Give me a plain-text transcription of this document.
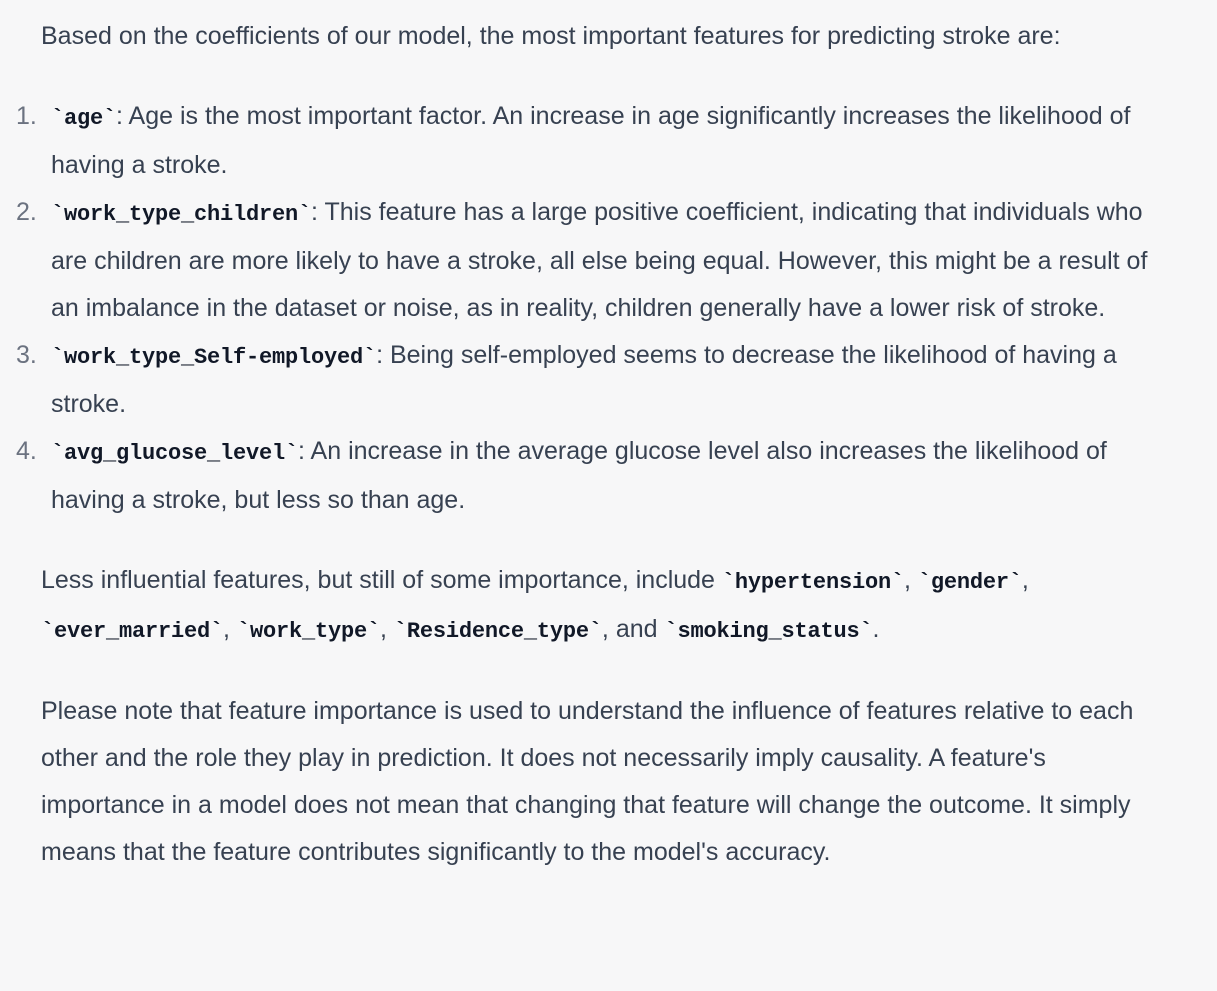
Based on the coefficients of our model, the most important features for predicting stroke are:

1. `age`: Age is the most important factor. An increase in age significantly increases the likelihood of having a stroke.
2. `work_type_children`: This feature has a large positive coefficient, indicating that individuals who are children are more likely to have a stroke, all else being equal. However, this might be a result of an imbalance in the dataset or noise, as in reality, children generally have a lower risk of stroke.
3. `work_type_Self-employed`: Being self-employed seems to decrease the likelihood of having a stroke.
4. `avg_glucose_level`: An increase in the average glucose level also increases the likelihood of having a stroke, but less so than age.

Less influential features, but still of some importance, include `hypertension`, `gender`,
`ever_married`, `work_type`, `Residence_type`, and `smoking_status`.

Please note that feature importance is used to understand the influence of features relative to each other and the role they play in prediction. It does not necessarily imply causality. A feature's importance in a model does not mean that changing that feature will change the outcome. It simply means that the feature contributes significantly to the model's accuracy.
